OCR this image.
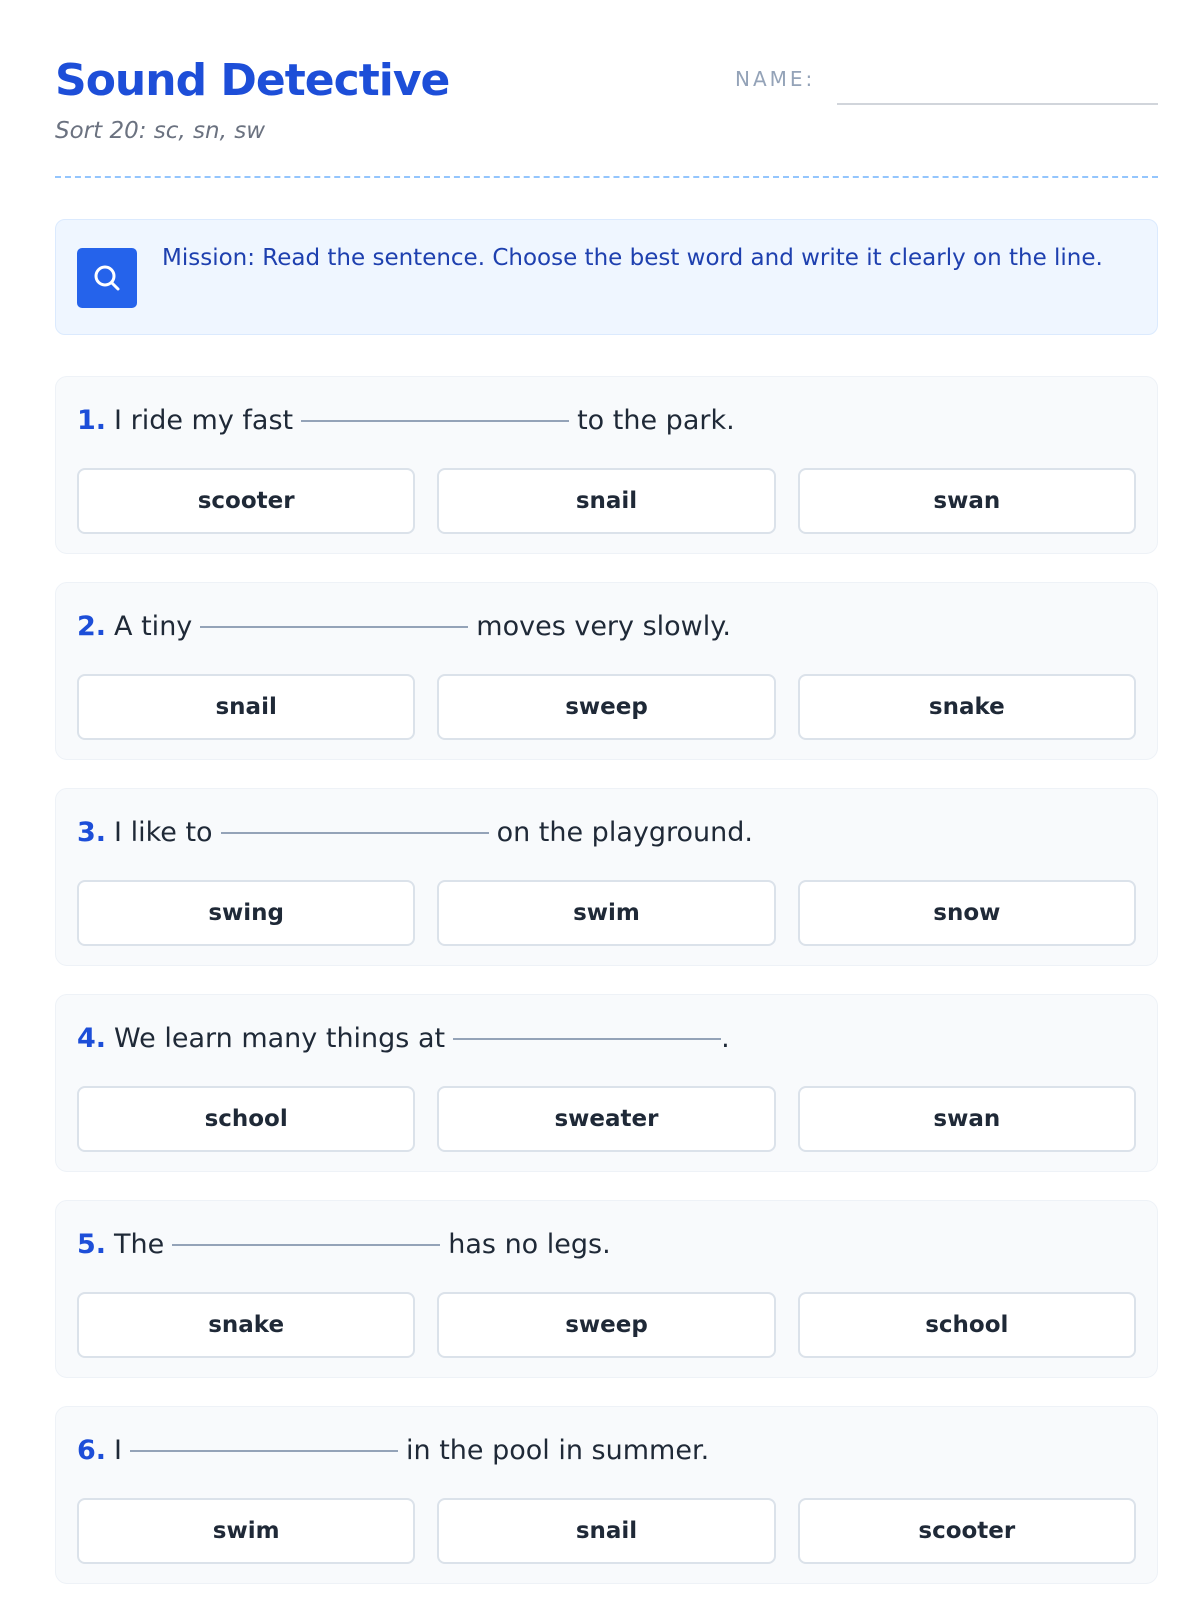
Sound Detective
Sort 20: sc, sn, sw
NAME:
Mission: Read the sentence. Choose the best word and write it clearly on the line.
1. I ride my fast	to the park.
scooter	snail	swan
2. A tiny	moves very slowly.
snail	sweep	snake
3. I like to	on the playground.
swing	swim	snow
4. We learn many things at	.
school	sweater	swan
5. The	has no legs.
snake	sweep	school
6. I	in the pool in summer.
swim	snail	scooter
